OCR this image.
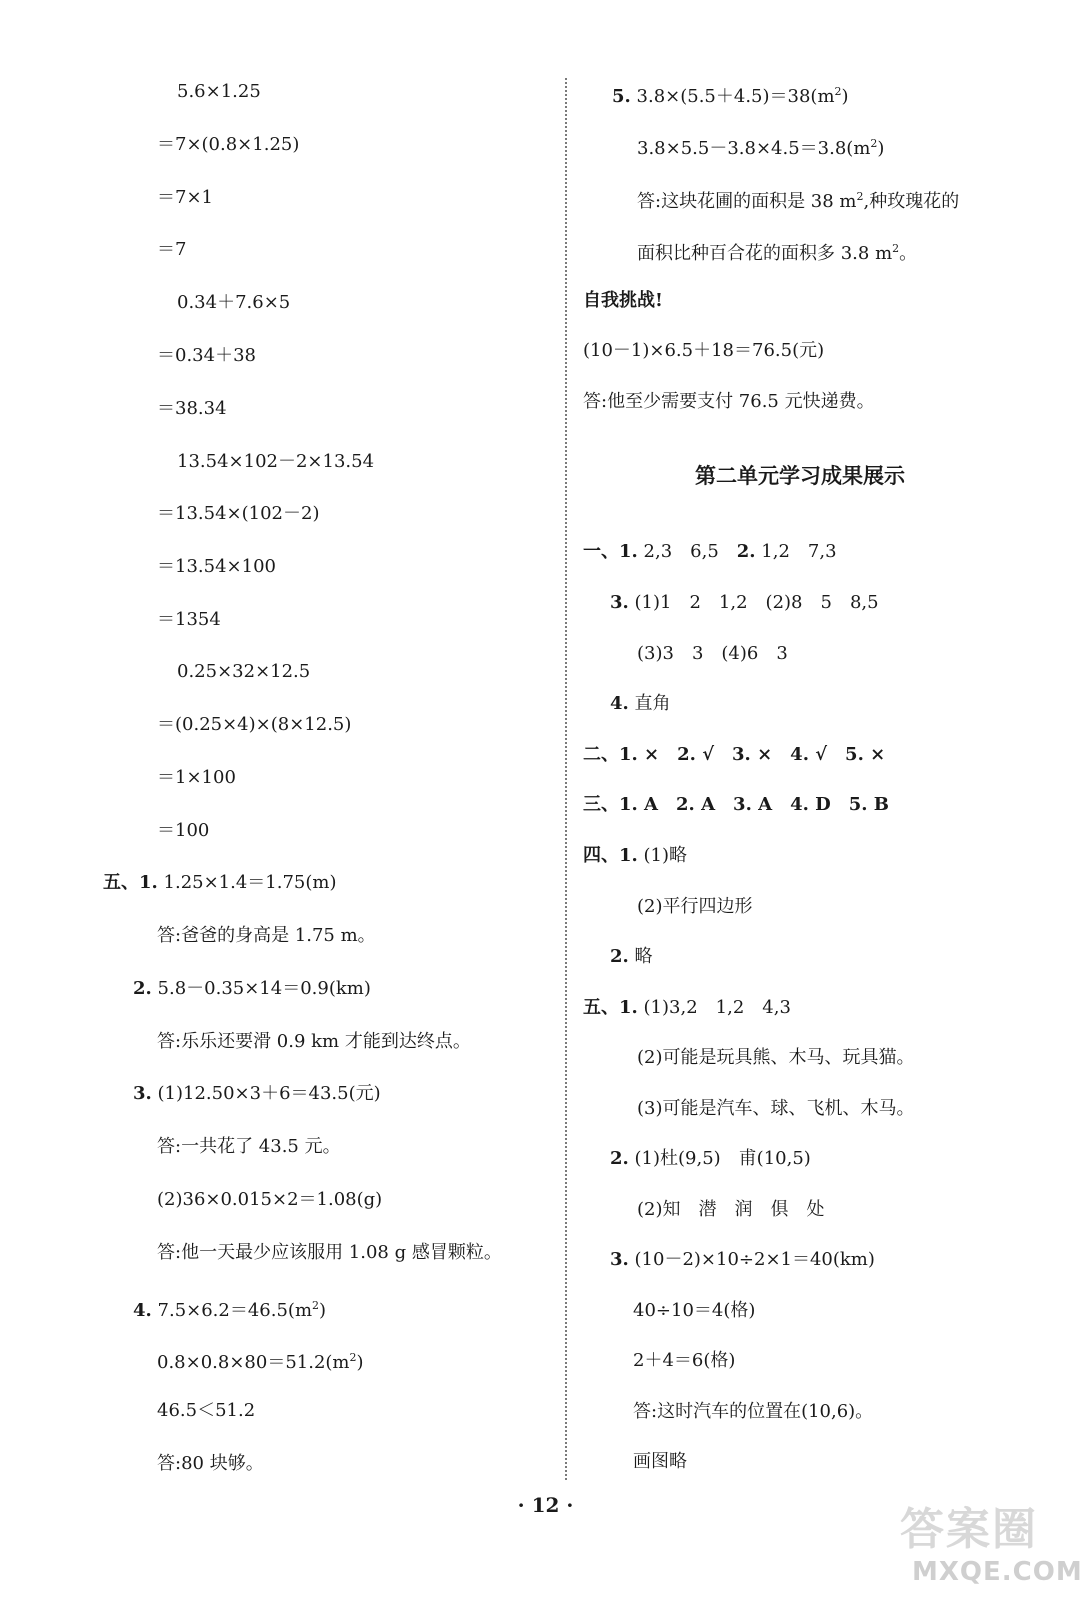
5.6×1.25
＝7×(0.8×1.25)
＝7×1
＝7
0.34＋7.6×5
＝0.34＋38
＝38.34
13.54×102－2×13.54
＝13.54×(102－2)
＝13.54×100
＝1354
0.25×32×12.5
＝(0.25×4)×(8×12.5)
＝1×100
＝100
五、1. 1.25×1.4＝1.75(m)
答:爸爸的身高是 1.75 m。
2. 5.8－0.35×14＝0.9(km)
答:乐乐还要滑 0.9 km 才能到达终点。
3. (1)12.50×3＋6＝43.5(元)
答:一共花了 43.5 元。
(2)36×0.015×2＝1.08(g)
答:他一天最少应该服用 1.08 g 感冒颗粒。
4. $7.5\times 6.2=46.5(m^2)$
$0.8\times 0.8\times 80=51.2(m^2)$
46.5＜51.2
答:80 块够。
5. $3.8\times(5.5+4.5)=38(m^2)$
$3.8\times 5.5-3.8\times 4.5=3.8(m^2)$
答:这块花圃的面积是 38 $m^2$,种玫瑰花的
面积比种百合花的面积多 3.8 $m^2$。
自我挑战!
(10－1)×6.5＋18＝76.5(元)
答:他至少需要支付 76.5 元快递费。
第二单元学习成果展示
一、1. 2,3　6,5　2. 1,2　7,3
3. (1)1　2　1,2　(2)8　5　8,5
(3)3　3　(4)6　3
4. 直角
二、1. ×　2. √　3. ×　4. √　5. ×
三、1. A　2. A　3. A　4. D　5. B
四、1. (1)略
(2)平行四边形
2. 略
五、1. (1)3,2　1,2　4,3
(2)可能是玩具熊、木马、玩具猫。
(3)可能是汽车、球、飞机、木马。
2. (1)杜(9,5)　甫(10,5)
(2)知　潜　润　俱　处
3. (10－2)×10÷2×1＝40(km)
40÷10＝4(格)
2＋4＝6(格)
答:这时汽车的位置在(10,6)。
画图略
· 12 ·	答案圈
MXQE.COM
